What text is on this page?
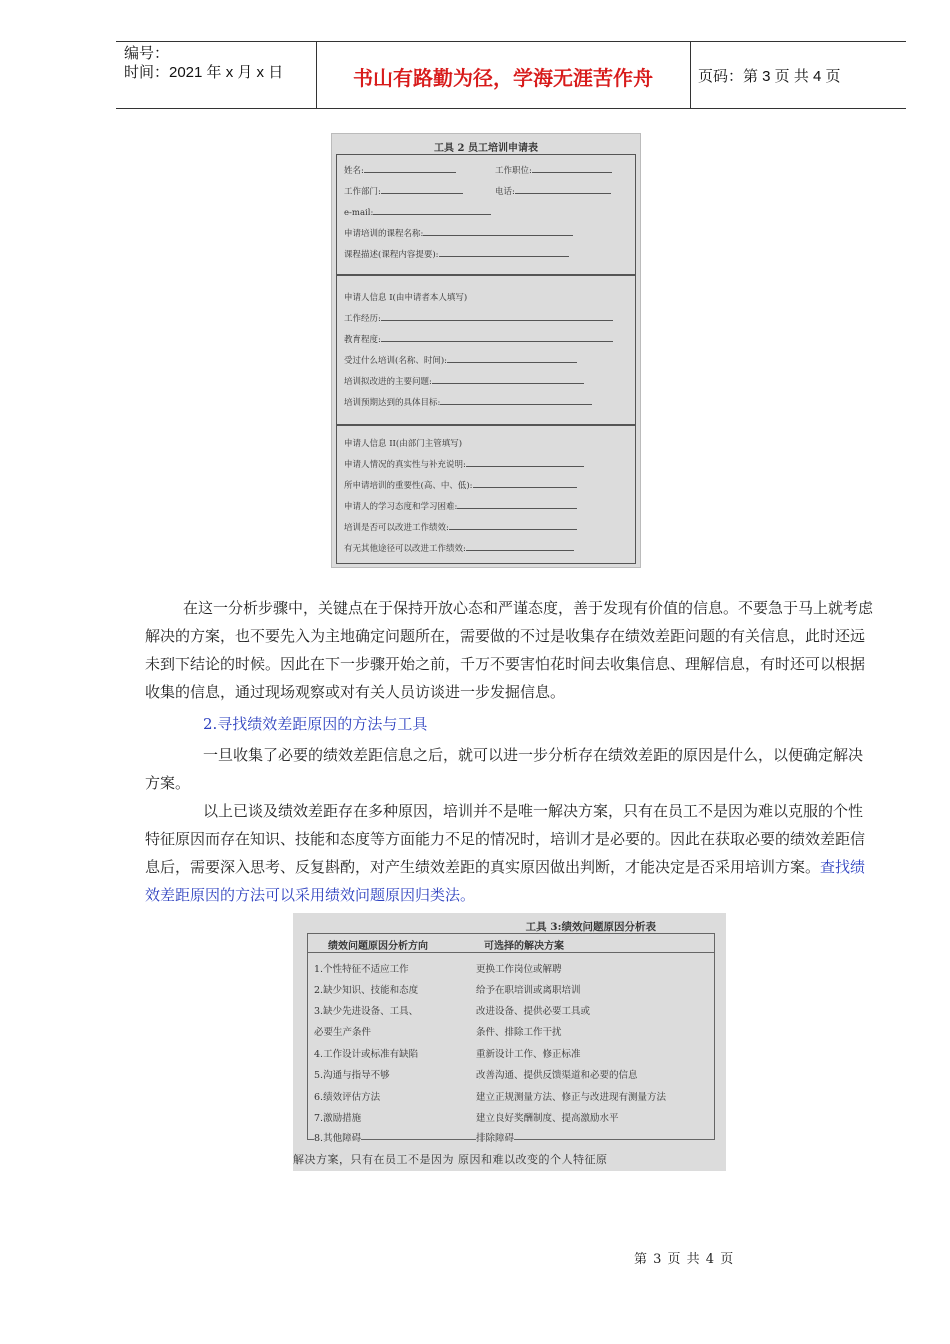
编号：
时间：2021 年 x 月 x 日	书山有路勤为径，学海无涯苦作舟	页码：第 3 页 共 4 页
工具 2 员工培训申请表
姓名:	工作职位:
工作部门:	电话:
e-mail:
申请培训的课程名称:
课程描述(课程内容提要):
申请人信息 I(由申请者本人填写)
工作经历:
教育程度:
受过什么培训(名称、时间):
培训拟改进的主要问题:
培训预期达到的具体目标:
申请人信息 II(由部门主管填写)
申请人情况的真实性与补充说明:
所申请培训的重要性(高、中、低):
申请人的学习态度和学习困难:
培训是否可以改进工作绩效:
有无其他途径可以改进工作绩效:
在这一分析步骤中，关键点在于保持开放心态和严谨态度，善于发现有价值的信息。不要急于马上就考虑解决的方案，也不要先入为主地确定问题所在，需要做的不过是收集存在绩效差距问题的有关信息，此时还远未到下结论的时候。因此在下一步骤开始之前，千万不要害怕花时间去收集信息、理解信息，有时还可以根据收集的信息，通过现场观察或对有关人员访谈进一步发掘信息。
2.寻找绩效差距原因的方法与工具
一旦收集了必要的绩效差距信息之后，就可以进一步分析存在绩效差距的原因是什么，以便确定解决方案。
以上已谈及绩效差距存在多种原因，培训并不是唯一解决方案，只有在员工不是因为难以克服的个性特征原因而存在知识、技能和态度等方面能力不足的情况时，培训才是必要的。因此在获取必要的绩效差距信息后，需要深入思考、反复斟酌，对产生绩效差距的真实原因做出判断，才能决定是否采用培训方案。查找绩效差距原因的方法可以采用绩效问题原因归类法。
工具 3:绩效问题原因分析表
绩效问题原因分析方向	可选择的解决方案
1.个性特征不适应工作	更换工作岗位或解聘
2.缺少知识、技能和态度	给予在职培训或离职培训
3.缺少先进设备、工具、	改进设备、提供必要工具或
必要生产条件	条件、排除工作干扰
4.工作设计或标准有缺陷	重新设计工作、修正标准
5.沟通与指导不够	改善沟通、提供反馈渠道和必要的信息
6.绩效评估方法	建立正规测量方法、修正与改进现有测量方法
7.激励措施	建立良好奖酬制度、提高激励水平
8.其他障碍	排除障碍
解决方案，只有在员工不是因为 原因和难以改变的个人特征原
第 3 页 共 4 页
